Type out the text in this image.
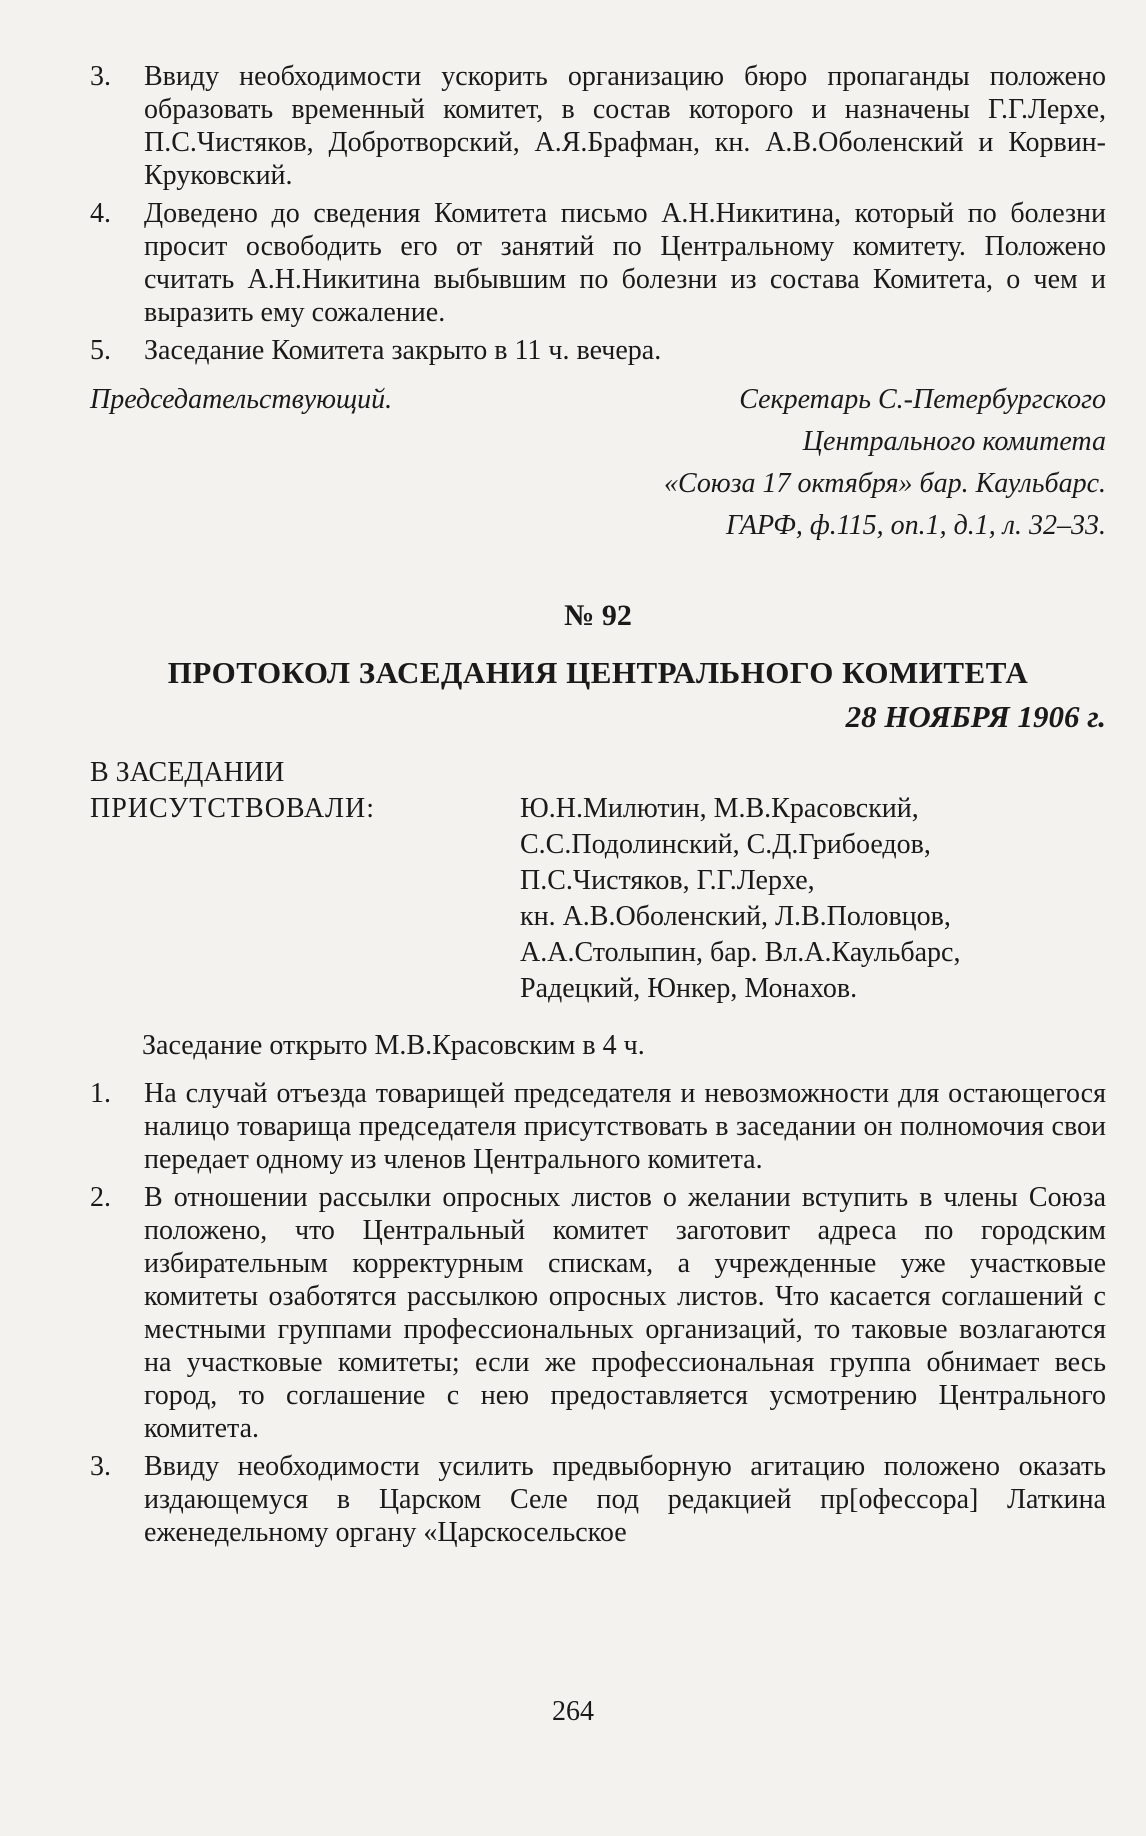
3.	Ввиду необходимости ускорить организацию бюро пропаганды положено образовать временный комитет, в состав которого и назначены Г.Г.Лерхе, П.С.Чистяков, Добротворский, А.Я.Брафман, кн. А.В.Оболенский и Корвин-Круковский.
4.	Доведено до сведения Комитета письмо А.Н.Никитина, который по болезни просит освободить его от занятий по Центральному комитету. Положено считать А.Н.Никитина выбывшим по болезни из состава Комитета, о чем и выразить ему сожаление.
5.	Заседание Комитета закрыто в 11 ч. вечера.
Председательствующий.	Секретарь С.-Петербургского
Центрального комитета
«Союза 17 октября» бар. Каульбарс.
ГАРФ, ф.115, оп.1, д.1, л. 32–33.
№ 92
ПРОТОКОЛ ЗАСЕДАНИЯ ЦЕНТРАЛЬНОГО КОМИТЕТА
28 НОЯБРЯ 1906 г.
В ЗАСЕДАНИИ
ПРИСУТСТВОВАЛИ:	Ю.Н.Милютин, М.В.Красовский,
С.С.Подолинский, С.Д.Грибоедов,
П.С.Чистяков, Г.Г.Лерхе,
кн. А.В.Оболенский, Л.В.Половцов,
А.А.Столыпин, бар. Вл.А.Каульбарс,
Радецкий, Юнкер, Монахов.
Заседание открыто М.В.Красовским в 4 ч.
1.	На случай отъезда товарищей председателя и невозможности для остающегося налицо товарища председателя присутствовать в заседании он полномочия свои передает одному из членов Центрального комитета.
2.	В отношении рассылки опросных листов о желании вступить в члены Союза положено, что Центральный комитет заготовит адреса по городским избирательным корректурным спискам, а учрежденные уже участковые комитеты озаботятся рассылкою опросных листов. Что касается соглашений с местными группами профессиональных организаций, то таковые возлагаются на участковые комитеты; если же профессиональная группа обнимает весь город, то соглашение с нею предоставляется усмотрению Центрального комитета.
3.	Ввиду необходимости усилить предвыборную агитацию положено оказать издающемуся в Царском Селе под редакцией пр[офессора] Латкина еженедельному органу «Царскосельское
264
